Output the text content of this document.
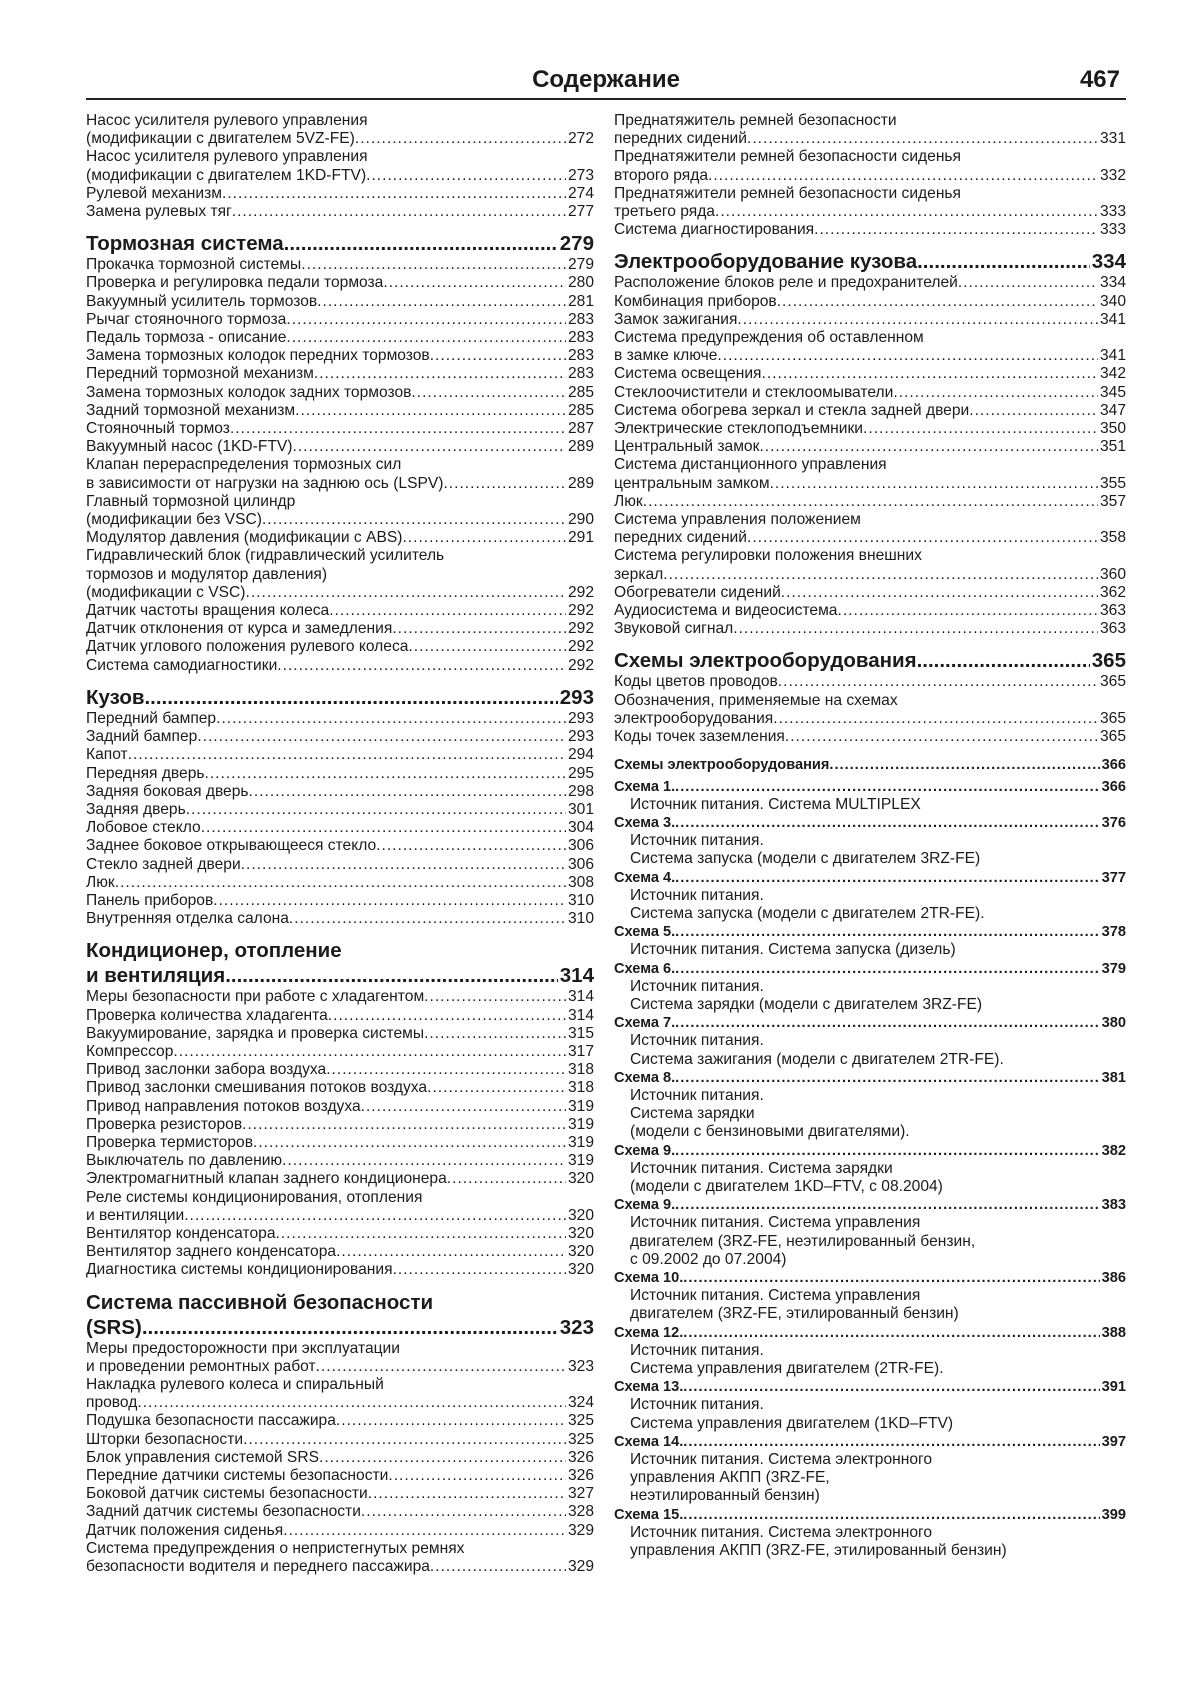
Содержание	467
Насос усилителя рулевого управления
(модификации с двигателем 5VZ-FE) .....	272
Насос усилителя рулевого управления
(модификации с двигателем 1KD-FTV) .....	273
Рулевой механизм .....	274
Замена рулевых тяг .....	277
Тормозная система .....	279
Прокачка тормозной системы .....	279
Проверка и регулировка педали тормоза .....	280
Вакуумный усилитель тормозов .....	281
Рычаг стояночного тормоза .....	283
Педаль тормоза - описание .....	283
Замена тормозных колодок передних тормозов .....	283
Передний тормозной механизм .....	283
Замена тормозных колодок задних тормозов .....	285
Задний тормозной механизм .....	285
Стояночный тормоз .....	287
Вакуумный насос (1KD-FTV) .....	289
Клапан перераспределения тормозных сил
в зависимости от нагрузки на заднюю ось (LSPV) .....	289
Главный тормозной цилиндр
(модификации без VSC) .....	290
Модулятор давления (модификации с ABS) .....	291
Гидравлический блок (гидравлический усилитель
тормозов и модулятор давления)
(модификации с VSC) .....	292
Датчик частоты вращения колеса .....	292
Датчик отклонения от курса и замедления .....	292
Датчик углового положения рулевого колеса .....	292
Система самодиагностики .....	292
Кузов .....	293
Передний бампер .....	293
Задний бампер .....	293
Капот .....	294
Передняя дверь .....	295
Задняя боковая дверь .....	298
Задняя дверь .....	301
Лобовое стекло .....	304
Заднее боковое открывающееся стекло .....	306
Стекло задней двери .....	306
Люк .....	308
Панель приборов .....	310
Внутренняя отделка салона .....	310
Кондиционер, отопление
и вентиляция .....	314
Меры безопасности при работе с хладагентом .....	314
Проверка количества хладагента .....	314
Вакуумирование, зарядка и проверка системы .....	315
Компрессор .....	317
Привод заслонки забора воздуха .....	318
Привод заслонки смешивания потоков воздуха .....	318
Привод направления потоков воздуха .....	319
Проверка резисторов .....	319
Проверка термисторов .....	319
Выключатель по давлению .....	319
Электромагнитный клапан заднего кондиционера .....	320
Реле системы кондиционирования, отопления
и вентиляции .....	320
Вентилятор конденсатора .....	320
Вентилятор заднего конденсатора .....	320
Диагностика системы кондиционирования .....	320
Система пассивной безопасности
(SRS) .....	323
Меры предосторожности при эксплуатации
и проведении ремонтных работ .....	323
Накладка рулевого колеса и спиральный
провод .....	324
Подушка безопасности пассажира .....	325
Шторки безопасности .....	325
Блок управления системой SRS .....	326
Передние датчики системы безопасности .....	326
Боковой датчик системы безопасности .....	327
Задний датчик системы безопасности .....	328
Датчик положения сиденья .....	329
Система предупреждения о непристегнутых ремнях
безопасности водителя и переднего пассажира .....	329
Преднатяжитель ремней безопасности
передних сидений .....	331
Преднатяжители ремней безопасности сиденья
второго ряда .....	332
Преднатяжители ремней безопасности сиденья
третьего ряда .....	333
Система диагностирования .....	333
Электрооборудование кузова .....	334
Расположение блоков реле и предохранителей .....	334
Комбинация приборов .....	340
Замок зажигания .....	341
Система предупреждения об оставленном
в замке ключе .....	341
Система освещения .....	342
Стеклоочистители и стеклоомыватели .....	345
Система обогрева зеркал и стекла задней двери .....	347
Электрические стеклоподъемники .....	350
Центральный замок .....	351
Система дистанционного управления
центральным замком .....	355
Люк .....	357
Система управления положением
передних сидений .....	358
Система регулировки положения внешних
зеркал .....	360
Обогреватели сидений .....	362
Аудиосистема и видеосистема .....	363
Звуковой сигнал .....	363
Схемы электрооборудования .....	365
Коды цветов проводов .....	365
Обозначения, применяемые на схемах
электрооборудования .....	365
Коды точек заземления .....	365
Схемы электрооборудования .....	366
Схема 1. .....	366
Источник питания. Система MULTIPLEX
Схема 3. .....	376
Источник питания.
Система запуска (модели с двигателем 3RZ-FE)
Схема 4. .....	377
Источник питания.
Система запуска (модели с двигателем 2TR-FE).
Схема 5. .....	378
Источник питания. Система запуска (дизель)
Схема 6. .....	379
Источник питания.
Система зарядки (модели с двигателем 3RZ-FE)
Схема 7. .....	380
Источник питания.
Система зажигания (модели с двигателем 2TR-FE).
Схема 8. .....	381
Источник питания.
Система зарядки
(модели с бензиновыми двигателями).
Схема 9. .....	382
Источник питания. Система зарядки
(модели с двигателем 1KD–FTV, с 08.2004)
Схема 9. .....	383
Источник питания. Система управления
двигателем (3RZ-FE, неэтилированный бензин,
с 09.2002 до 07.2004)
Схема 10. .....	386
Источник питания. Система управления
двигателем (3RZ-FE, этилированный бензин)
Схема 12. .....	388
Источник питания.
Система управления двигателем (2TR-FE).
Схема 13. .....	391
Источник питания.
Система управления двигателем (1KD–FTV)
Схема 14. .....	397
Источник питания. Система электронного
управления АКПП (3RZ-FE,
неэтилированный бензин)
Схема 15. .....	399
Источник питания. Система электронного
управления АКПП (3RZ-FE, этилированный бензин)
